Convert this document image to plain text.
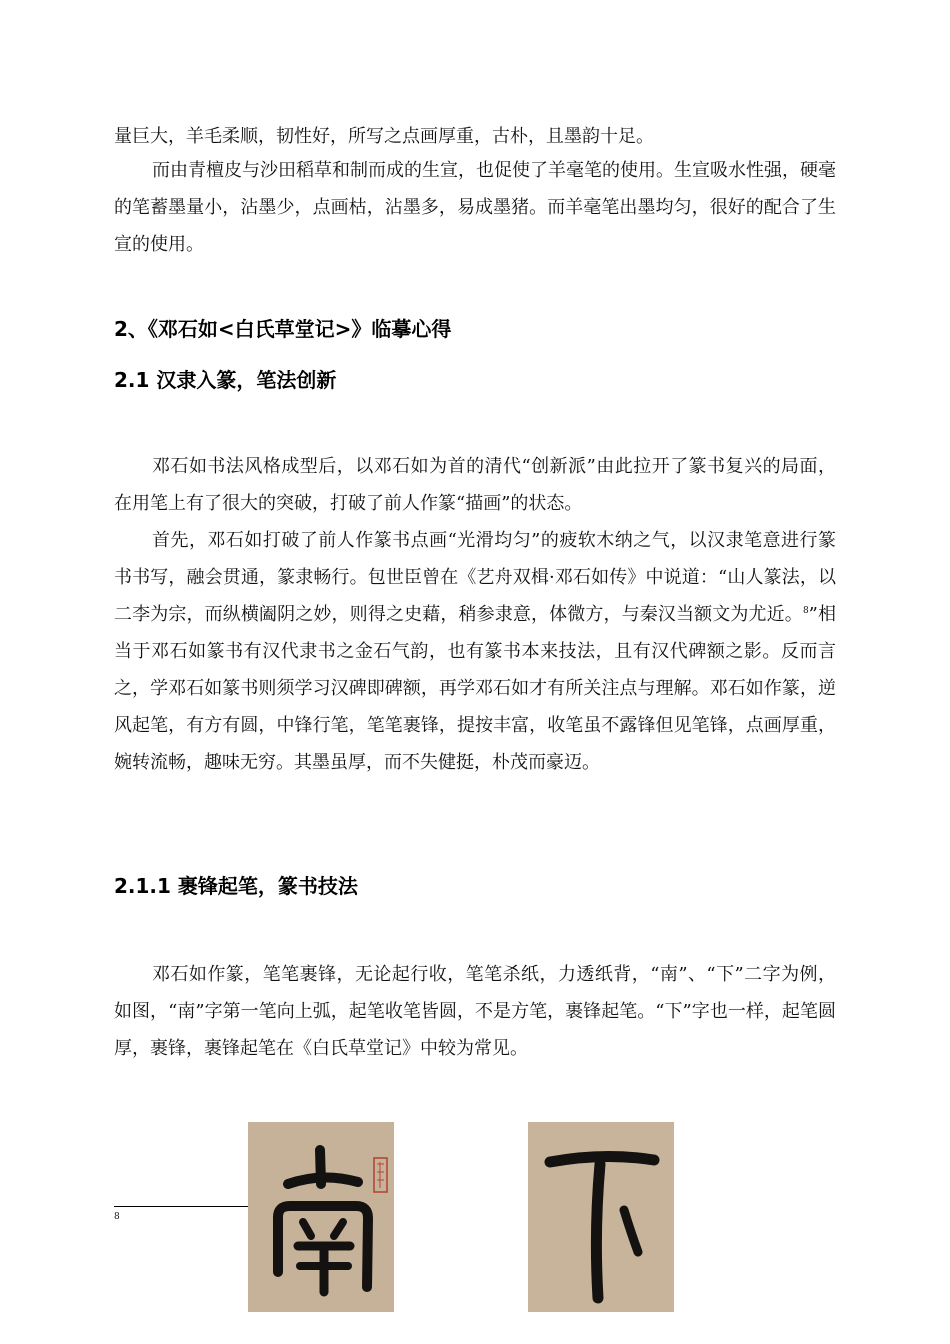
量巨大，羊毛柔顺，韧性好，所写之点画厚重，古朴，且墨韵十足。

而由青檀皮与沙田稻草和制而成的生宣，也促使了羊毫笔的使用。生宣吸水性强，硬毫的笔蓄墨量小，沾墨少，点画枯，沾墨多，易成墨猪。而羊毫笔出墨均匀，很好的配合了生宣的使用。

2、《邓石如<白氏草堂记>》临摹心得
2.1 汉隶入篆，笔法创新

邓石如书法风格成型后，以邓石如为首的清代“创新派”由此拉开了篆书复兴的局面，在用笔上有了很大的突破，打破了前人作篆“描画”的状态。

首先，邓石如打破了前人作篆书点画“光滑均匀”的疲软木纳之气，以汉隶笔意进行篆书书写，融会贯通，篆隶畅行。包世臣曾在《艺舟双楫·邓石如传》中说道：“山人篆法，以二李为宗，而纵横阖阴之妙，则得之史藉，稍参隶意，体微方，与秦汉当额文为尤近。$^8$”相当于邓石如篆书有汉代隶书之金石气韵，也有篆书本来技法，且有汉代碑额之影。反而言之，学邓石如篆书则须学习汉碑即碑额，再学邓石如才有所关注点与理解。邓石如作篆，逆风起笔，有方有圆，中锋行笔，笔笔裹锋，提按丰富，收笔虽不露锋但见笔锋，点画厚重，婉转流畅，趣味无穷。其墨虽厚，而不失健挺，朴茂而豪迈。

2.1.1 裹锋起笔，篆书技法

邓石如作篆，笔笔裹锋，无论起行收，笔笔杀纸，力透纸背，“南”、“下”二字为例，如图，“南”字第一笔向上弧，起笔收笔皆圆，不是方笔，裹锋起笔。“下”字也一样，起笔圆厚，裹锋，裹锋起笔在《白氏草堂记》中较为常见。

8
